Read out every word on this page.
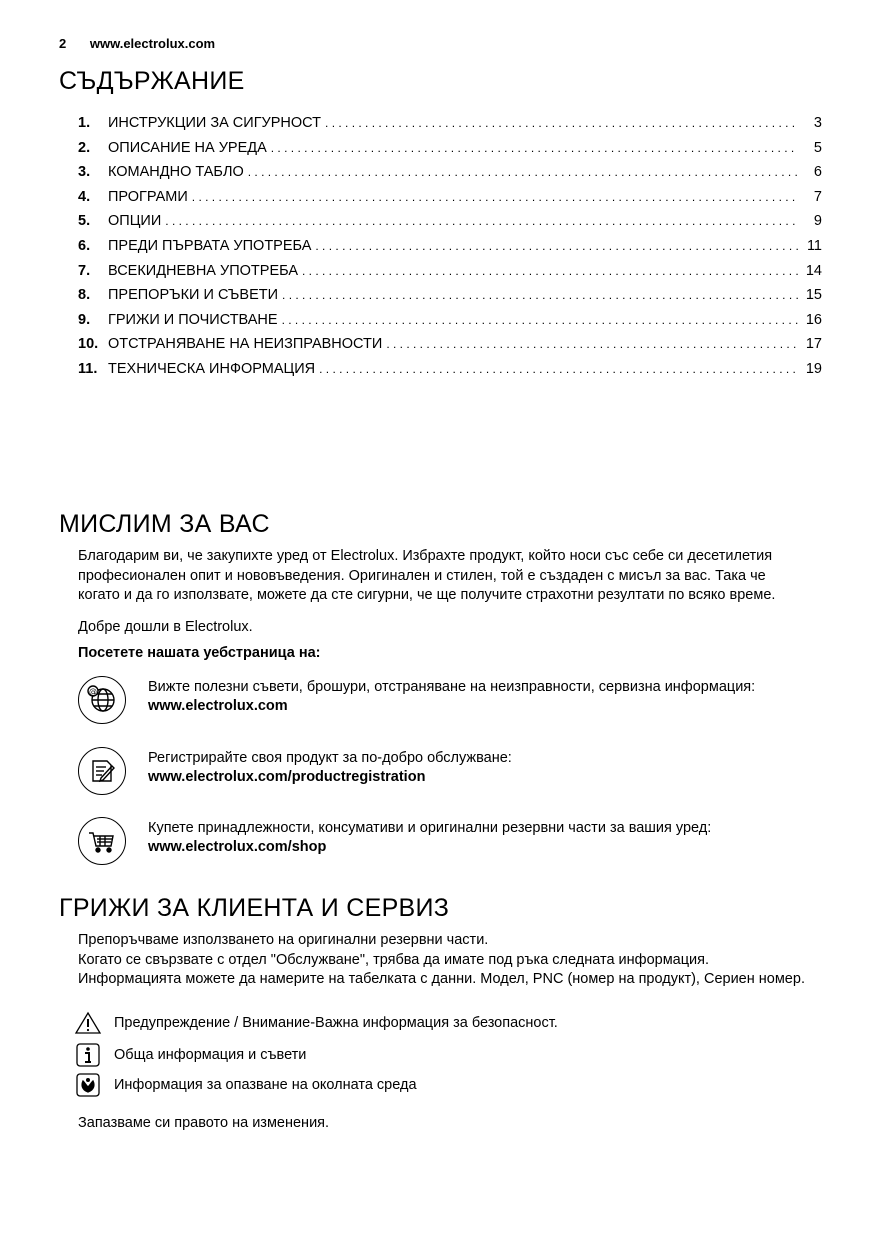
2 www.electrolux.com
СЪДЪРЖАНИЕ
1.	ИНСТРУКЦИИ ЗА СИГУРНОСТ . . .	3
2.	ОПИСАНИЕ НА УРЕДА . . .	5
3.	КОМАНДНО ТАБЛО . . .	6
4.	ПРОГРАМИ . . .	7
5.	ОПЦИИ . . .	9
6.	ПРЕДИ ПЪРВАТА УПОТРЕБА . . .	11
7.	ВСЕКИДНЕВНА УПОТРЕБА . . .	14
8.	ПРЕПОРЪКИ И СЪВЕТИ . . .	15
9.	ГРИЖИ И ПОЧИСТВАНЕ . . .	16
10. ОТСТРАНЯВАНЕ НА НЕИЗПРАВНОСТИ . . .	17
11. ТЕХНИЧЕСКА ИНФОРМАЦИЯ . . .	19
МИСЛИМ ЗА ВАС
Благодарим ви, че закупихте уред от Electrolux. Избрахте продукт, който носи със себе си десетилетия
професионален опит и нововъведения. Оригинален и стилен, той е създаден с мисъл за вас. Така че
когато и да го използвате, можете да сте сигурни, че ще получите страхотни резултати по всяко време.
Добре дошли в Electrolux.
Посетете нашата уебстраница на:
@	Вижте полезни съвети, брошури, отстраняване на неизправности, сервизна информация:
www.electrolux.com
Регистрирайте своя продукт за по-добро обслужване:
www.electrolux.com/productregistration
Купете принадлежности, консумативи и оригинални резервни части за вашия уред:
www.electrolux.com/shop
ГРИЖИ ЗА КЛИЕНТА И СЕРВИЗ
Препоръчваме използването на оригинални резервни части.
Когато се свързвате с отдел "Обслужване", трябва да имате под ръка следната информация.
Информацията можете да намерите на табелката с данни. Модел, PNC (номер на продукт), Сериен номер.
Предупреждение / Внимание-Важна информация за безопасност.
Обща информация и съвети
Информация за опазване на околната среда
Запазваме си правото на изменения.
